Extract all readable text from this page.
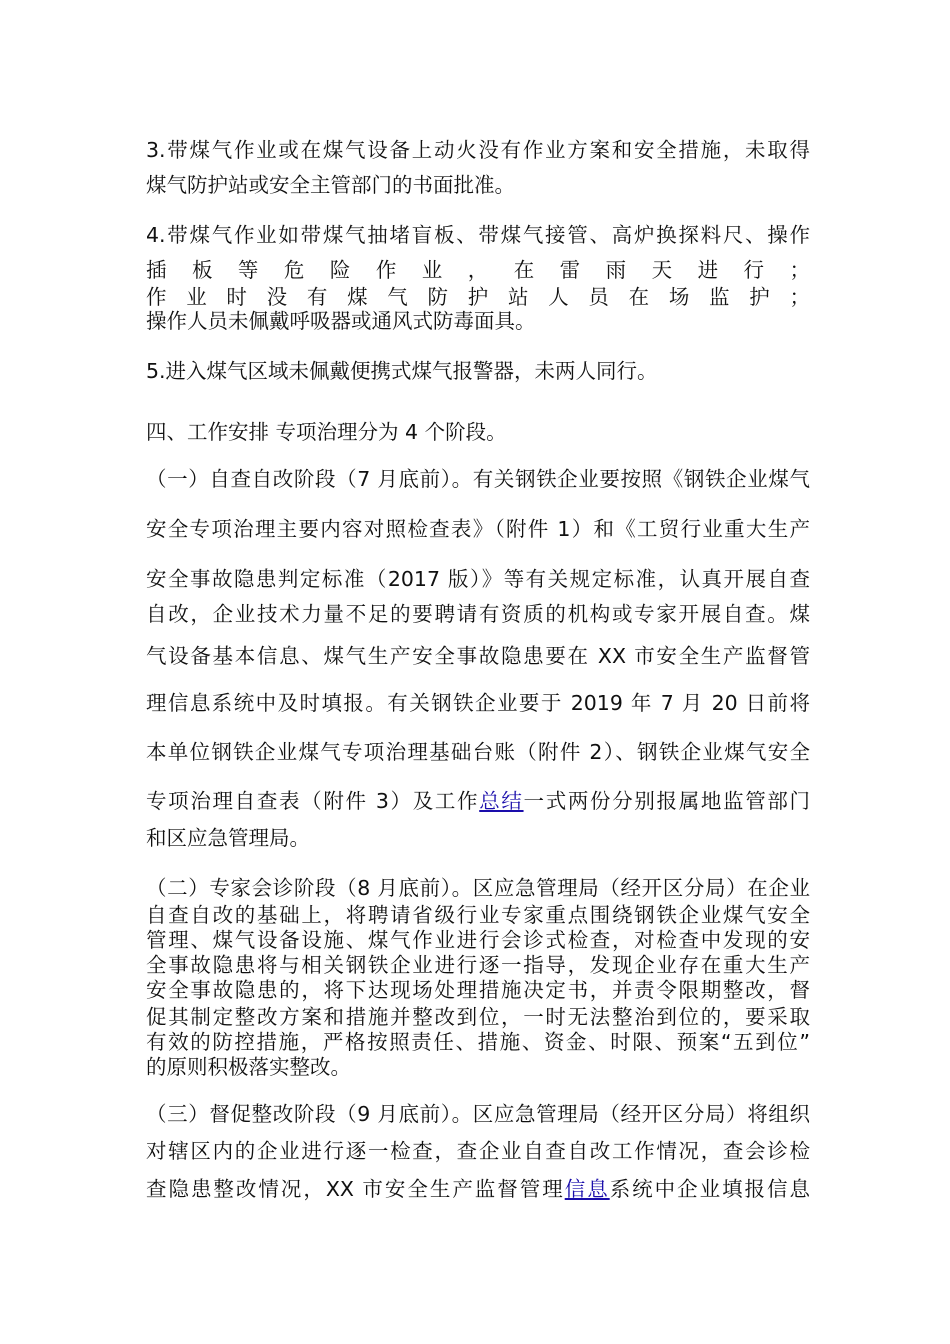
3.带煤气作业或在煤气设备上动火没有作业方案和安全措施，未取得
煤气防护站或安全主管部门的书面批准。
4.带煤气作业如带煤气抽堵盲板、带煤气接管、高炉换探料尺、操作
插板等危险作业，在雷雨天进行；
作业时没有煤气防护站人员在场监护；
操作人员未佩戴呼吸器或通风式防毒面具。
5.进入煤气区域未佩戴便携式煤气报警器，未两人同行。
四、工作安排 专项治理分为 4 个阶段。
（一）自查自改阶段（7 月底前）。有关钢铁企业要按照《钢铁企业煤气
安全专项治理主要内容对照检查表》（附件 1）和《工贸行业重大生产
安全事故隐患判定标准（2017 版）》等有关规定标准，认真开展自查
自改，企业技术力量不足的要聘请有资质的机构或专家开展自查。煤
气设备基本信息、煤气生产安全事故隐患要在 XX 市安全生产监督管
理信息系统中及时填报。有关钢铁企业要于 2019 年 7 月 20 日前将
本单位钢铁企业煤气专项治理基础台账（附件 2）、钢铁企业煤气安全
专项治理自查表（附件 3）及工作总结一式两份分别报属地监管部门
和区应急管理局。
（二）专家会诊阶段（8 月底前）。区应急管理局（经开区分局）在企业
自查自改的基础上，将聘请省级行业专家重点围绕钢铁企业煤气安全
管理、煤气设备设施、煤气作业进行会诊式检查，对检查中发现的安
全事故隐患将与相关钢铁企业进行逐一指导，发现企业存在重大生产
安全事故隐患的，将下达现场处理措施决定书，并责令限期整改，督
促其制定整改方案和措施并整改到位，一时无法整治到位的，要采取
有效的防控措施，严格按照责任、措施、资金、时限、预案“五到位”
的原则积极落实整改。
（三）督促整改阶段（9 月底前）。区应急管理局（经开区分局）将组织
对辖区内的企业进行逐一检查，查企业自查自改工作情况，查会诊检
查隐患整改情况，XX 市安全生产监督管理信息系统中企业填报信息
